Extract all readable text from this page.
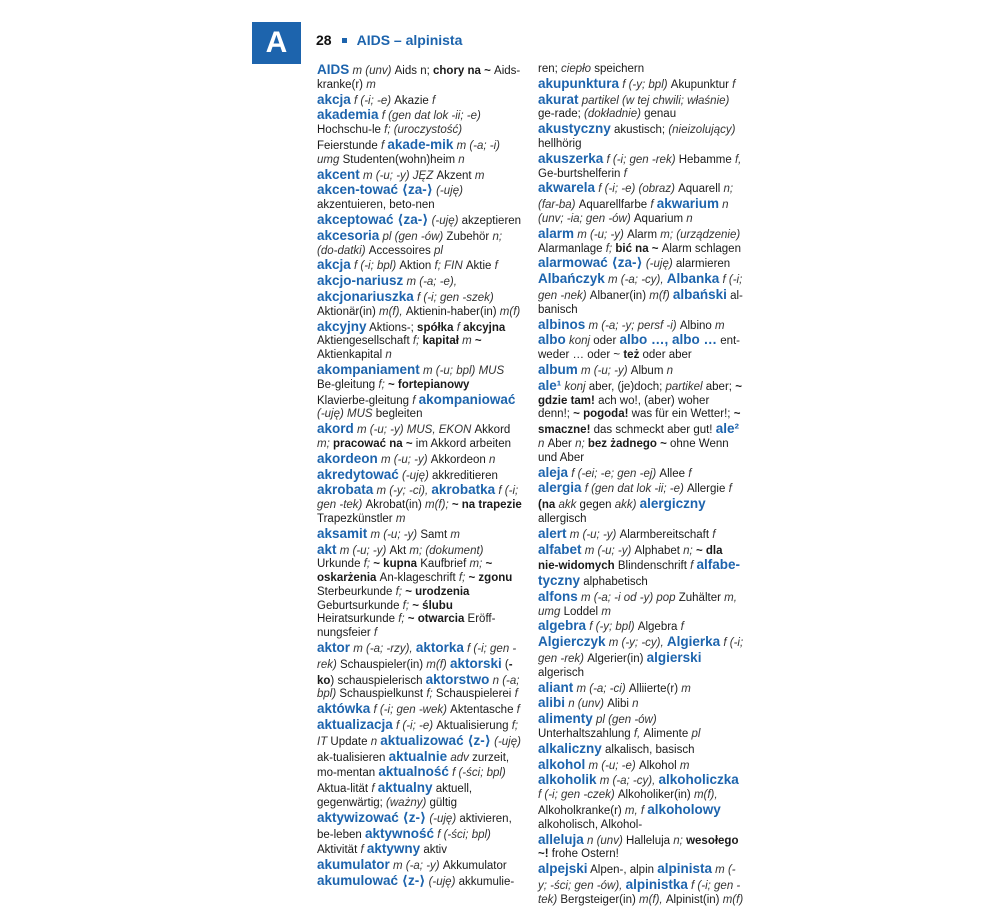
A	28 AIDS – alpinista
AIDS m (unv) Aids n; chory na ~ Aids-kranke(r) m
akcja f (-i; -e) Akazie f
akademia f (gen dat lok -ii; -e) Hochschu-le f; (uroczystość) Feierstunde f akade-mik m (-a; -i) umg Studenten(wohn)heim n
akcent m (-u; -y) JĘZ Akzent m akcen-tować ⟨za-⟩ (-uję) akzentuieren, beto-nen
akceptować ⟨za-⟩ (-uję) akzeptieren
akcesoria pl (gen -ów) Zubehör n; (do-datki) Accessoires pl
akcja f (-i; bpl) Aktion f; FIN Aktie f akcjo-nariusz m (-a; -e), akcjonariuszka f (-i; gen -szek) Aktionär(in) m(f), Aktienin-haber(in) m(f) akcyjny Aktions-; spółka f akcyjna Aktiengesellschaft f; kapitał m ~ Aktienkapital n
akompaniament m (-u; bpl) MUS Be-gleitung f; ~ fortepianowy Klavierbe-gleitung f akompaniować (-uję) MUS begleiten
akord m (-u; -y) MUS, EKON Akkord m; pracować na ~ im Akkord arbeiten
akordeon m (-u; -y) Akkordeon n
akredytować (-uję) akkreditieren
akrobata m (-y; -ci), akrobatka f (-i; gen -tek) Akrobat(in) m(f); ~ na trapezie Trapezkünstler m
aksamit m (-u; -y) Samt m
akt m (-u; -y) Akt m; (dokument) Urkunde f; ~ kupna Kaufbrief m; ~ oskarżenia An-klageschrift f; ~ zgonu Sterbeurkunde f; ~ urodzenia Geburtsurkunde f; ~ ślubu Heiratsurkunde f; ~ otwarcia Eröff-nungsfeier f
aktor m (-a; -rzy), aktorka f (-i; gen -rek) Schauspieler(in) m(f) aktorski (-ko) schauspielerisch aktorstwo n (-a; bpl) Schauspielkunst f; Schauspielerei f
aktówka f (-i; gen -wek) Aktentasche f
aktualizacja f (-i; -e) Aktualisierung f; IT Update n aktualizować ⟨z-⟩ (-uję) ak-tualisieren aktualnie adv zurzeit, mo-mentan aktualność f (-ści; bpl) Aktua-lität f aktualny aktuell, gegenwärtig; (ważny) gültig
aktywizować ⟨z-⟩ (-uję) aktivieren, be-leben aktywność f (-ści; bpl) Aktivität f aktywny aktiv
akumulator m (-a; -y) Akkumulator akumulować ⟨z-⟩ (-uję) akkumulie-
ren; ciepło speichern
akupunktura f (-y; bpl) Akupunktur f
akurat partikel (w tej chwili; właśnie) ge-rade; (dokładnie) genau
akustyczny akustisch; (nieizolujący) hellhörig
akuszerka f (-i; gen -rek) Hebamme f, Ge-burtshelferin f
akwarela f (-i; -e) (obraz) Aquarell n; (far-ba) Aquarellfarbe f akwarium n (unv; -ia; gen -ów) Aquarium n
alarm m (-u; -y) Alarm m; (urządzenie) Alarmanlage f; bić na ~ Alarm schlagen alarmować ⟨za-⟩ (-uję) alarmieren
Albańczyk m (-a; -cy), Albanka f (-i; gen -nek) Albaner(in) m(f) albański al-banisch
albinos m (-a; -y; persf -i) Albino m
albo konj oder albo …, albo … ent-weder … oder ~ też oder aber
album m (-u; -y) Album n
ale¹ konj aber, (je)doch; partikel aber; ~ gdzie tam! ach wo!, (aber) woher denn!; ~ pogoda! was für ein Wetter!; ~ smaczne! das schmeckt aber gut! ale² n Aber n; bez żadnego ~ ohne Wenn und Aber
aleja f (-ei; -e; gen -ej) Allee f
alergia f (gen dat lok -ii; -e) Allergie f (na akk gegen akk) alergiczny allergisch
alert m (-u; -y) Alarmbereitschaft f
alfabet m (-u; -y) Alphabet n; ~ dla nie-widomych Blindenschrift f alfabe-tyczny alphabetisch
alfons m (-a; -i od -y) pop Zuhälter m, umg Loddel m
algebra f (-y; bpl) Algebra f
Algierczyk m (-y; -cy), Algierka f (-i; gen -rek) Algerier(in) algierski algerisch
aliant m (-a; -ci) Alliierte(r) m
alibi n (unv) Alibi n
alimenty pl (gen -ów) Unterhaltszahlung f, Alimente pl
alkaliczny alkalisch, basisch
alkohol m (-u; -e) Alkohol m alkoholik m (-a; -cy), alkoholiczka f (-i; gen -czek) Alkoholiker(in) m(f), Alkoholkranke(r) m, f alkoholowy alkoholisch, Alkohol-
alleluja n (unv) Halleluja n; wesołego ~! frohe Ostern!
alpejski Alpen-, alpin alpinista m (-y; -ści; gen -ów), alpinistka f (-i; gen -tek) Bergsteiger(in) m(f), Alpinist(in) m(f)
